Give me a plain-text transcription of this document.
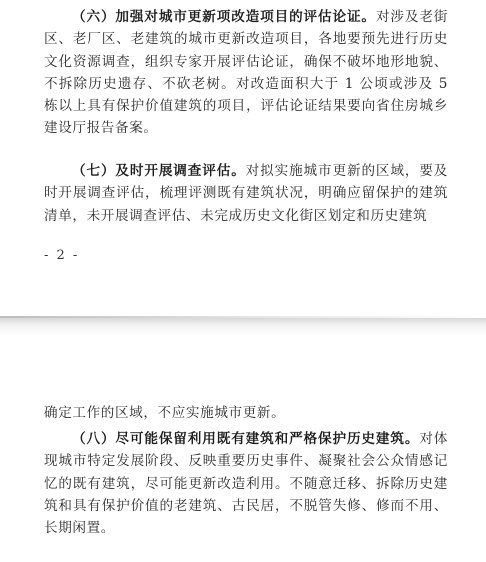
（六）加强对城市更新项改造项目的评估论证。对涉及老街区、老厂区、老建筑的城市更新改造项目，各地要预先进行历史文化资源调查，组织专家开展评估论证，确保不破坏地形地貌、不拆除历史遗存、不砍老树。对改造面积大于 1 公顷或涉及 5 栋以上具有保护价值建筑的项目，评估论证结果要向省住房城乡建设厅报告备案。

（七）及时开展调查评估。对拟实施城市更新的区域，要及时开展调查评估，梳理评测既有建筑状况，明确应留保护的建筑清单，未开展调查评估、未完成历史文化街区划定和历史建筑

- 2 -

确定工作的区域，不应实施城市更新。

（八）尽可能保留利用既有建筑和严格保护历史建筑。对体现城市特定发展阶段、反映重要历史事件、凝聚社会公众情感记忆的既有建筑，尽可能更新改造利用。不随意迁移、拆除历史建筑和具有保护价值的老建筑、古民居，不脱管失修、修而不用、长期闲置。
